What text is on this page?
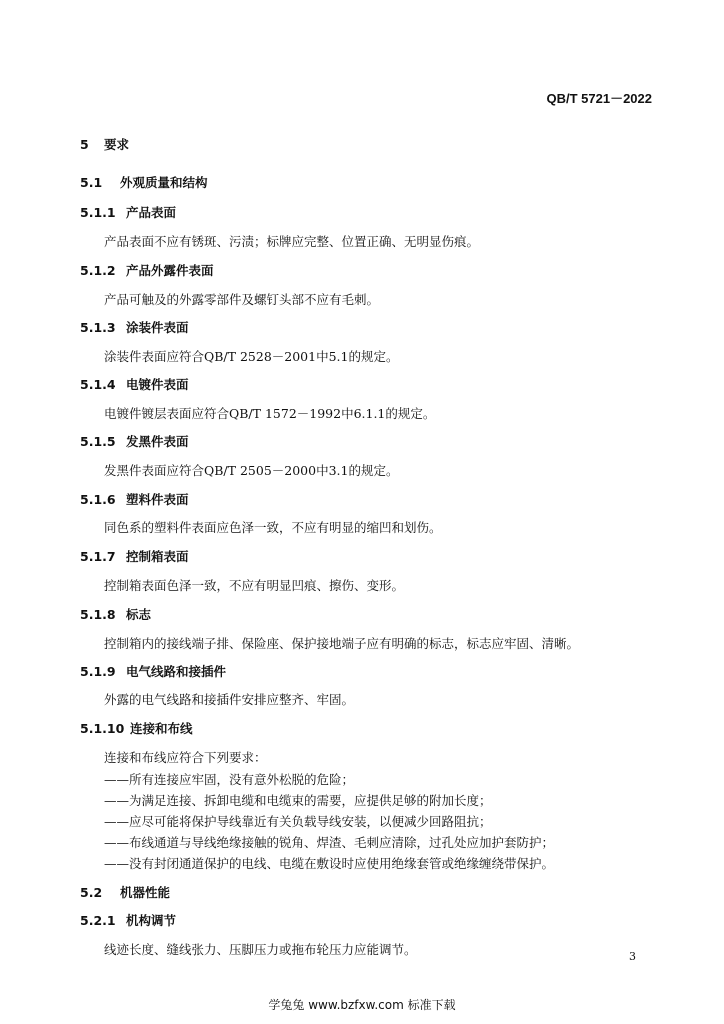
QB/T 5721－2022
5 要求
5.1 外观质量和结构
5.1.1 产品表面
产品表面不应有锈斑、污渍；标牌应完整、位置正确、无明显伤痕。
5.1.2 产品外露件表面
产品可触及的外露零部件及螺钉头部不应有毛刺。
5.1.3 涂装件表面
涂装件表面应符合QB/T 2528－2001中5.1的规定。
5.1.4 电镀件表面
电镀件镀层表面应符合QB/T 1572－1992中6.1.1的规定。
5.1.5 发黑件表面
发黑件表面应符合QB/T 2505－2000中3.1的规定。
5.1.6 塑料件表面
同色系的塑料件表面应色泽一致，不应有明显的缩凹和划伤。
5.1.7 控制箱表面
控制箱表面色泽一致，不应有明显凹痕、擦伤、变形。
5.1.8 标志
控制箱内的接线端子排、保险座、保护接地端子应有明确的标志，标志应牢固、清晰。
5.1.9 电气线路和接插件
外露的电气线路和接插件安排应整齐、牢固。
5.1.10 连接和布线
连接和布线应符合下列要求：
——所有连接应牢固，没有意外松脱的危险；
——为满足连接、拆卸电缆和电缆束的需要，应提供足够的附加长度；
——应尽可能将保护导线靠近有关负载导线安装，以便减少回路阻抗；
——布线通道与导线绝缘接触的锐角、焊渣、毛刺应清除，过孔处应加护套防护；
——没有封闭通道保护的电线、电缆在敷设时应使用绝缘套管或绝缘缠绕带保护。
5.2 机器性能
5.2.1 机构调节
线迹长度、缝线张力、压脚压力或拖布轮压力应能调节。	3
学兔兔 www.bzfxw.com 标准下载
